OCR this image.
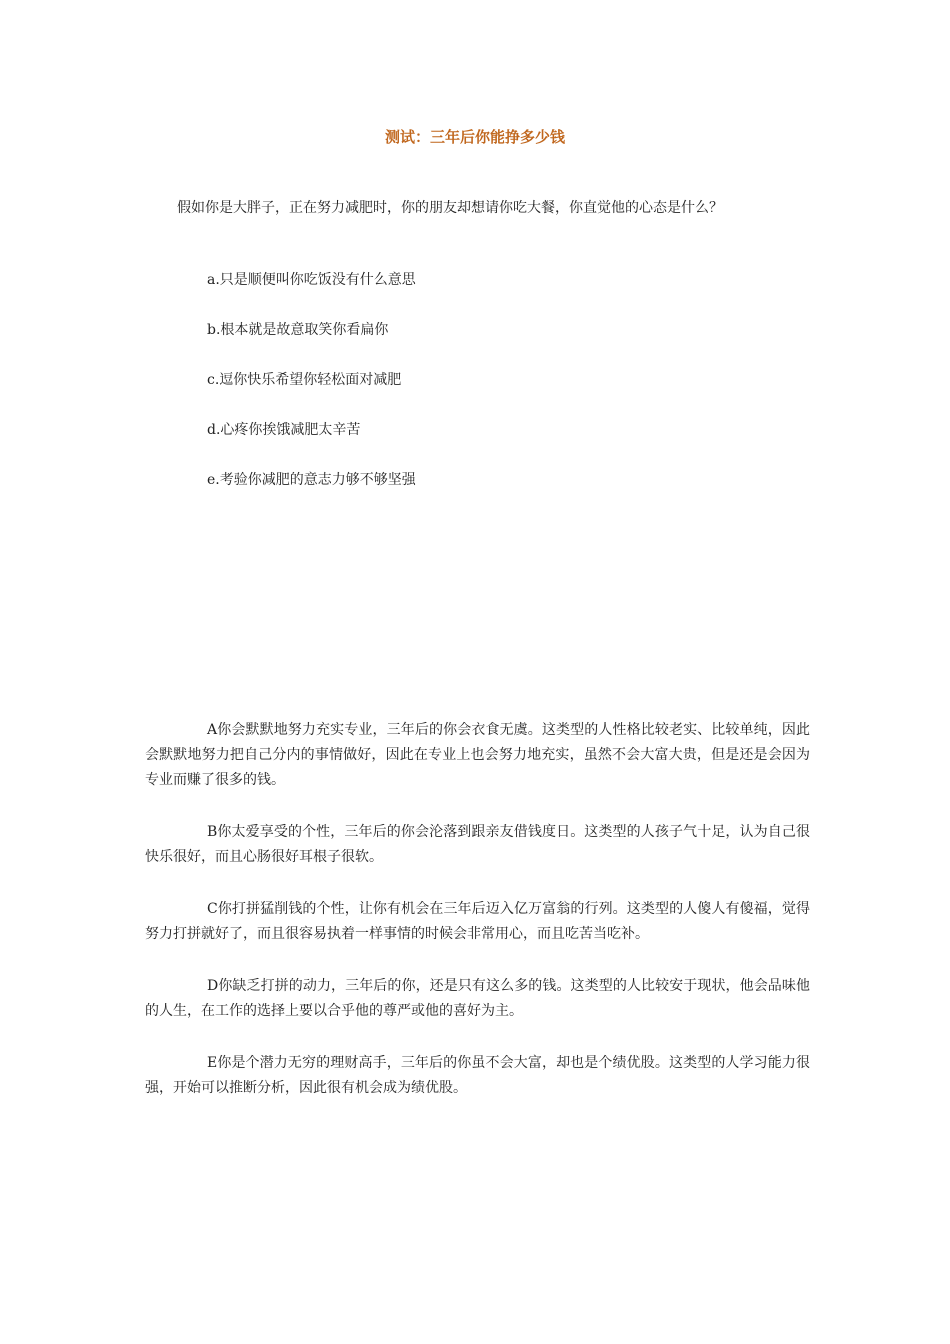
测试：三年后你能挣多少钱
假如你是大胖子，正在努力减肥时，你的朋友却想请你吃大餐，你直觉他的心态是什么？
a.只是顺便叫你吃饭没有什么意思
b.根本就是故意取笑你看扁你
c.逗你快乐希望你轻松面对减肥
d.心疼你挨饿减肥太辛苦
e.考验你减肥的意志力够不够坚强

A你会默默地努力充实专业，三年后的你会衣食无虞。这类型的人性格比较老实、比较单纯，因此会默默地努力把自己分内的事情做好，因此在专业上也会努力地充实，虽然不会大富大贵，但是还是会因为专业而赚了很多的钱。

B你太爱享受的个性，三年后的你会沦落到跟亲友借钱度日。这类型的人孩子气十足，认为自己很快乐很好，而且心肠很好耳根子很软。

C你打拼猛削钱的个性，让你有机会在三年后迈入亿万富翁的行列。这类型的人傻人有傻福，觉得努力打拼就好了，而且很容易执着一样事情的时候会非常用心，而且吃苦当吃补。

D你缺乏打拼的动力，三年后的你，还是只有这么多的钱。这类型的人比较安于现状，他会品味他的人生，在工作的选择上要以合乎他的尊严或他的喜好为主。

E你是个潜力无穷的理财高手，三年后的你虽不会大富，却也是个绩优股。这类型的人学习能力很强，开始可以推断分析，因此很有机会成为绩优股。
